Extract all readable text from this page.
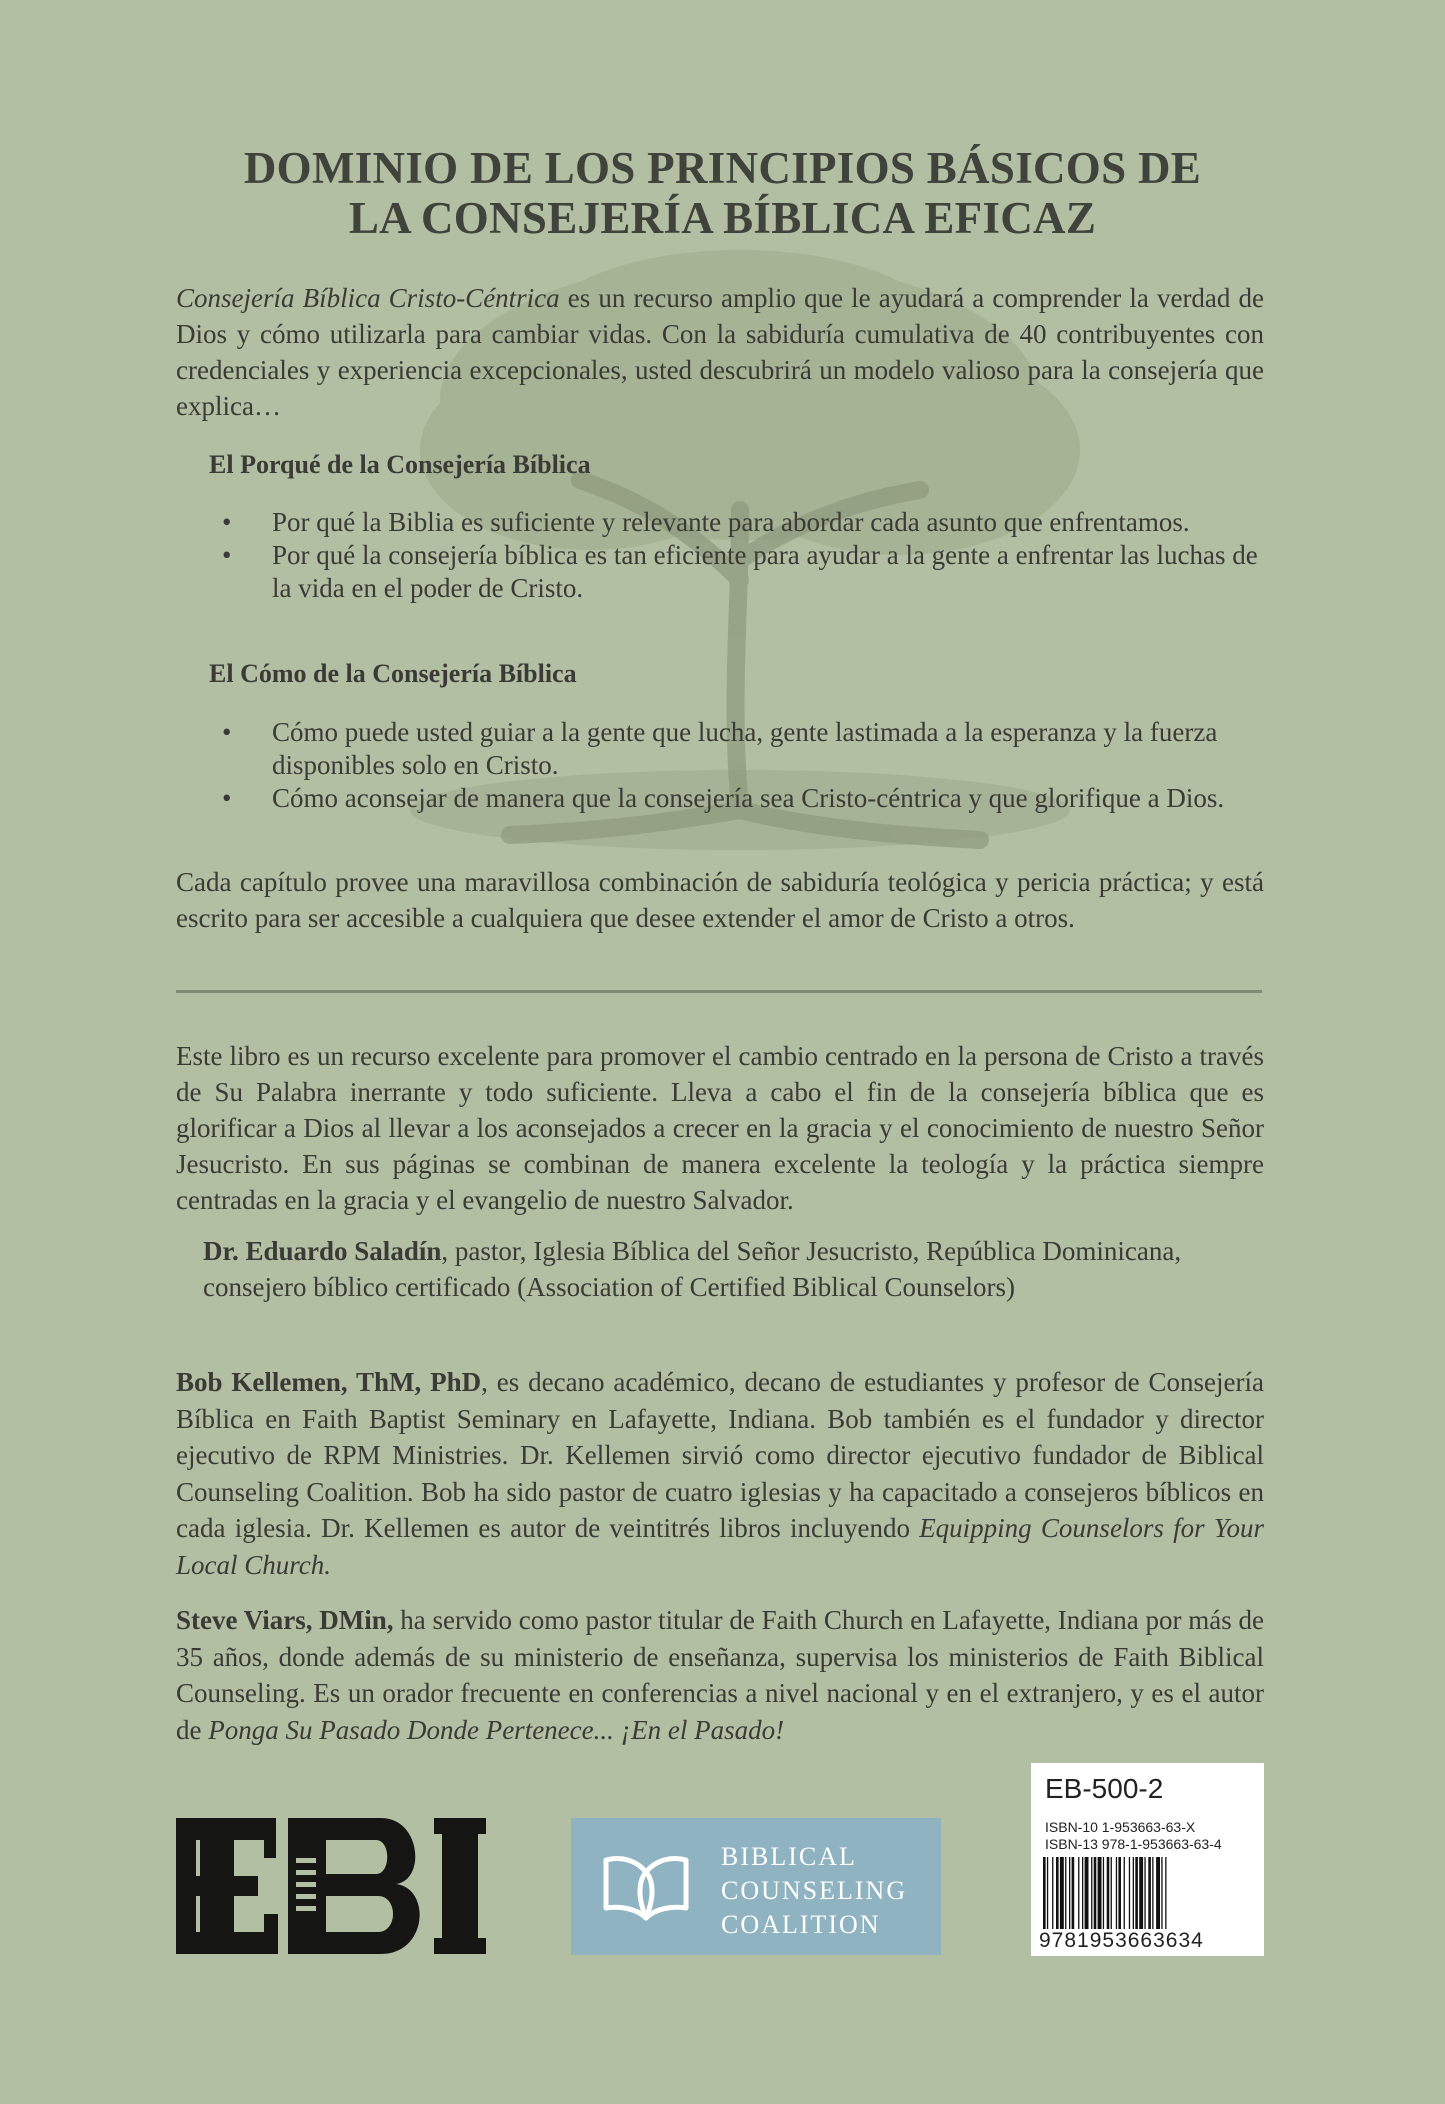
DOMINIO DE LOS PRINCIPIOS BÁSICOS DE
LA CONSEJERÍA BÍBLICA EFICAZ
Consejería Bíblica Cristo-Céntrica es un recurso amplio que le ayudará a comprender la verdad de Dios y cómo utilizarla para cambiar vidas. Con la sabiduría cumulativa de 40 contribuyentes con credenciales y experiencia excepcionales, usted descubrirá un modelo valioso para la consejería que explica…
El Porqué de la Consejería Bíblica
• Por qué la Biblia es suficiente y relevante para abordar cada asunto que enfrentamos.
• Por qué la consejería bíblica es tan eficiente para ayudar a la gente a enfrentar las luchas de la vida en el poder de Cristo.
El Cómo de la Consejería Bíblica
• Cómo puede usted guiar a la gente que lucha, gente lastimada a la esperanza y la fuerza disponibles solo en Cristo.
• Cómo aconsejar de manera que la consejería sea Cristo-céntrica y que glorifique a Dios.
Cada capítulo provee una maravillosa combinación de sabiduría teológica y pericia práctica; y está escrito para ser accesible a cualquiera que desee extender el amor de Cristo a otros.
Este libro es un recurso excelente para promover el cambio centrado en la persona de Cristo a través de Su Palabra inerrante y todo suficiente. Lleva a cabo el fin de la consejería bíblica que es glorificar a Dios al llevar a los aconsejados a crecer en la gracia y el conocimiento de nuestro Señor Jesucristo. En sus páginas se combinan de manera excelente la teología y la práctica siempre centradas en la gracia y el evangelio de nuestro Salvador.
Dr. Eduardo Saladín, pastor, Iglesia Bíblica del Señor Jesucristo, República Dominicana, consejero bíblico certificado (Association of Certified Biblical Counselors)
Bob Kellemen, ThM, PhD, es decano académico, decano de estudiantes y profesor de Consejería Bíblica en Faith Baptist Seminary en Lafayette, Indiana. Bob también es el fundador y director ejecutivo de RPM Ministries. Dr. Kellemen sirvió como director ejecutivo fundador de Biblical Counseling Coalition. Bob ha sido pastor de cuatro iglesias y ha capacitado a consejeros bíblicos en cada iglesia. Dr. Kellemen es autor de veintitrés libros incluyendo Equipping Counselors for Your Local Church.
Steve Viars, DMin, ha servido como pastor titular de Faith Church en Lafayette, Indiana por más de 35 años, donde además de su ministerio de enseñanza, supervisa los ministerios de Faith Biblical Counseling. Es un orador frecuente en conferencias a nivel nacional y en el extranjero, y es el autor de Ponga Su Pasado Donde Pertenece... ¡En el Pasado!
BIBLICAL
COUNSELING
COALITION
EB-500-2
ISBN-10 1-953663-63-X
ISBN-13 978-1-953663-63-4
9781953663634
